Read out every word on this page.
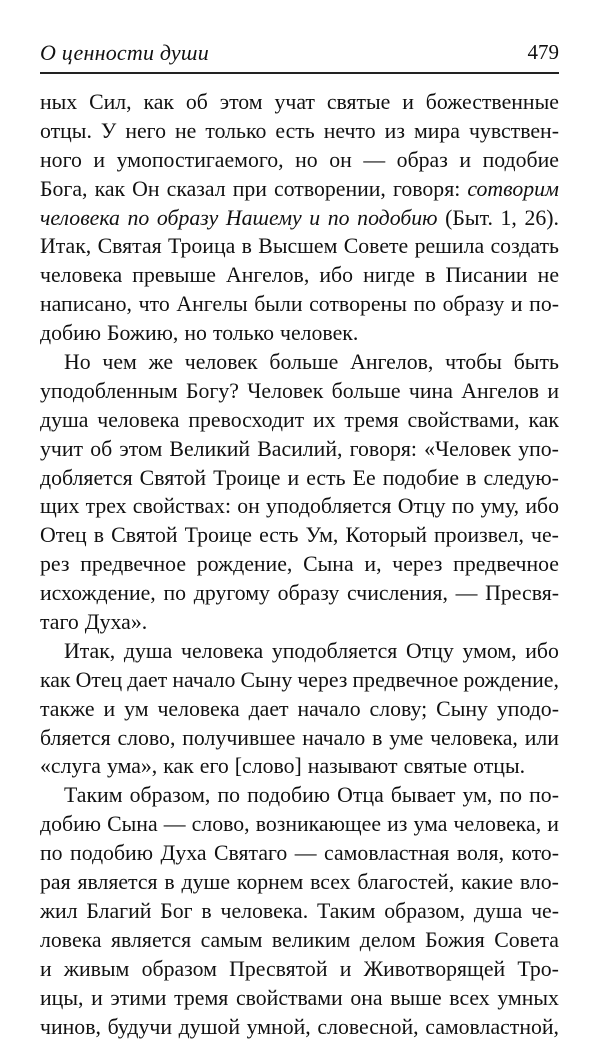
О ценности души	479
ных Сил, как об этом учат святые и божественные
отцы. У него не только есть нечто из мира чувствен-
ного и умопостигаемого, но он — образ и подобие
Бога, как Он сказал при сотворении, говоря: сотворим
человека по образу Нашему и по подобию (Быт. 1, 26).
Итак, Святая Троица в Высшем Совете решила создать
человека превыше Ангелов, ибо нигде в Писании не
написано, что Ангелы были сотворены по образу и по-
добию Божию, но только человек.
Но чем же человек больше Ангелов, чтобы быть
уподобленным Богу? Человек больше чина Ангелов и
душа человека превосходит их тремя свойствами, как
учит об этом Великий Василий, говоря: «Человек упо-
добляется Святой Троице и есть Ее подобие в следую-
щих трех свойствах: он уподобляется Отцу по уму, ибо
Отец в Святой Троице есть Ум, Который произвел, че-
рез предвечное рождение, Сына и, через предвечное
исхождение, по другому образу счисления, — Пресвя-
таго Духа».
Итак, душа человека уподобляется Отцу умом, ибо
как Отец дает начало Сыну через предвечное рождение,
также и ум человека дает начало слову; Сыну уподо-
бляется слово, получившее начало в уме человека, или
«слуга ума», как его [слово] называют святые отцы.
Таким образом, по подобию Отца бывает ум, по по-
добию Сына — слово, возникающее из ума человека, и
по подобию Духа Святаго — самовластная воля, кото-
рая является в душе корнем всех благостей, какие вло-
жил Благий Бог в человека. Таким образом, душа че-
ловека является самым великим делом Божия Совета
и живым образом Пресвятой и Животворящей Тро-
ицы, и этими тремя свойствами она выше всех умных
чинов, будучи душой умной, словесной, самовластной,
